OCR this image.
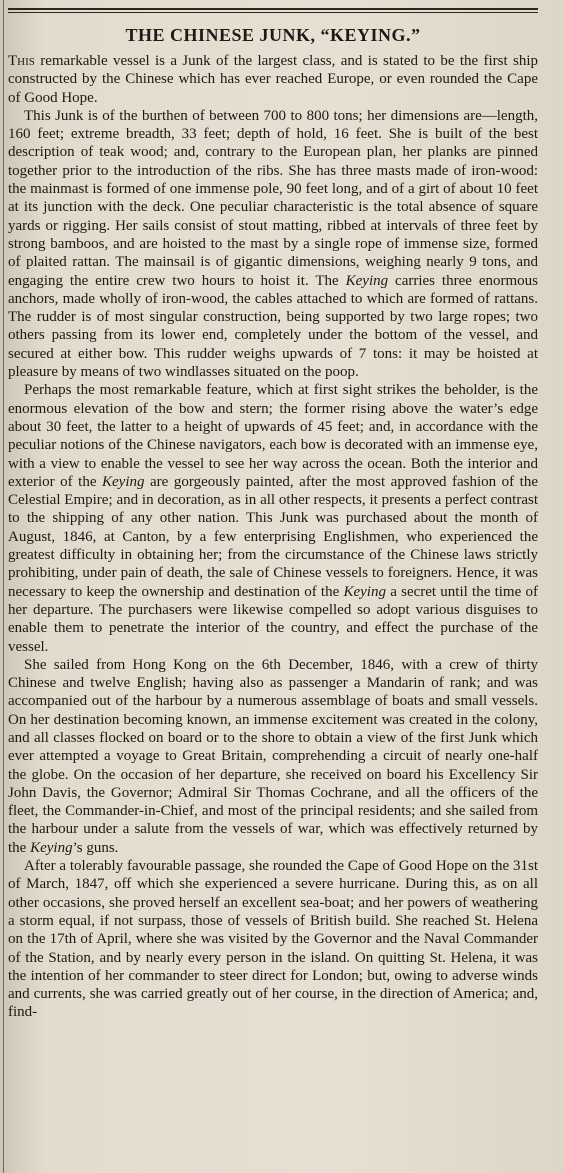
THE CHINESE JUNK, “KEYING.”

This remarkable vessel is a Junk of the largest class, and is stated to be the first ship constructed by the Chinese which has ever reached Europe, or even rounded the Cape of Good Hope.

This Junk is of the burthen of between 700 to 800 tons; her dimensions are—length, 160 feet; extreme breadth, 33 feet; depth of hold, 16 feet. She is built of the best description of teak wood; and, contrary to the European plan, her planks are pinned together prior to the introduction of the ribs. She has three masts made of iron-wood: the mainmast is formed of one immense pole, 90 feet long, and of a girt of about 10 feet at its junction with the deck. One peculiar characteristic is the total absence of square yards or rigging. Her sails consist of stout matting, ribbed at intervals of three feet by strong bamboos, and are hoisted to the mast by a single rope of immense size, formed of plaited rattan. The mainsail is of gigantic dimensions, weighing nearly 9 tons, and engaging the entire crew two hours to hoist it. The Keying carries three enormous anchors, made wholly of iron-wood, the cables attached to which are formed of rattans. The rudder is of most singular construction, being supported by two large ropes; two others passing from its lower end, completely under the bottom of the vessel, and secured at either bow. This rudder weighs upwards of 7 tons: it may be hoisted at pleasure by means of two windlasses situated on the poop.

Perhaps the most remarkable feature, which at first sight strikes the beholder, is the enormous elevation of the bow and stern; the former rising above the water’s edge about 30 feet, the latter to a height of upwards of 45 feet; and, in accordance with the peculiar notions of the Chinese navigators, each bow is decorated with an immense eye, with a view to enable the vessel to see her way across the ocean. Both the interior and exterior of the Keying are gorgeously painted, after the most approved fashion of the Celestial Empire; and in decoration, as in all other respects, it presents a perfect contrast to the shipping of any other nation. This Junk was purchased about the month of August, 1846, at Canton, by a few enterprising Englishmen, who experienced the greatest difficulty in obtaining her; from the circumstance of the Chinese laws strictly prohibiting, under pain of death, the sale of Chinese vessels to foreigners. Hence, it was necessary to keep the ownership and destination of the Keying a secret until the time of her departure. The purchasers were likewise compelled so adopt various disguises to enable them to penetrate the interior of the country, and effect the purchase of the vessel.

She sailed from Hong Kong on the 6th December, 1846, with a crew of thirty Chinese and twelve English; having also as passenger a Mandarin of rank; and was accompanied out of the harbour by a numerous assemblage of boats and small vessels. On her destination becoming known, an immense excitement was created in the colony, and all classes flocked on board or to the shore to obtain a view of the first Junk which ever attempted a voyage to Great Britain, comprehending a circuit of nearly one-half the globe. On the occasion of her departure, she received on board his Excellency Sir John Davis, the Governor; Admiral Sir Thomas Cochrane, and all the officers of the fleet, the Commander-in-Chief, and most of the principal residents; and she sailed from the harbour under a salute from the vessels of war, which was effectively returned by the Keying’s guns.

After a tolerably favourable passage, she rounded the Cape of Good Hope on the 31st of March, 1847, off which she experienced a severe hurricane. During this, as on all other occasions, she proved herself an excellent sea-boat; and her powers of weathering a storm equal, if not surpass, those of vessels of British build. She reached St. Helena on the 17th of April, where she was visited by the Governor and the Naval Commander of the Station, and by nearly every person in the island. On quitting St. Helena, it was the intention of her commander to steer direct for London; but, owing to adverse winds and currents, she was carried greatly out of her course, in the direction of America; and, find-
